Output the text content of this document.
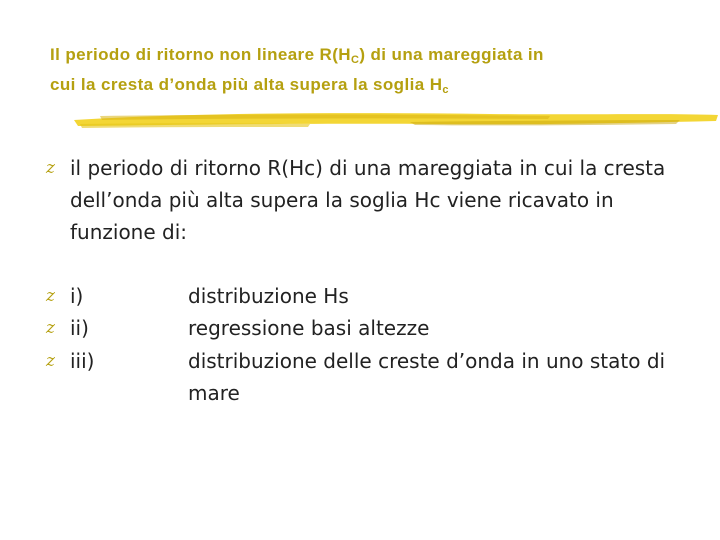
Il periodo di ritorno non lineare $R(H_C)$ di una mareggiata in
cui la cresta d’onda più alta supera la soglia $H_c$
z il periodo di ritorno R(Hc) di una mareggiata in cui la cresta dell’onda più alta supera la soglia Hc viene ricavato in funzione di:

z i)	distribuzione Hs
z ii)	regressione basi altezze
z iii)	distribuzione delle creste d’onda in uno stato di mare
